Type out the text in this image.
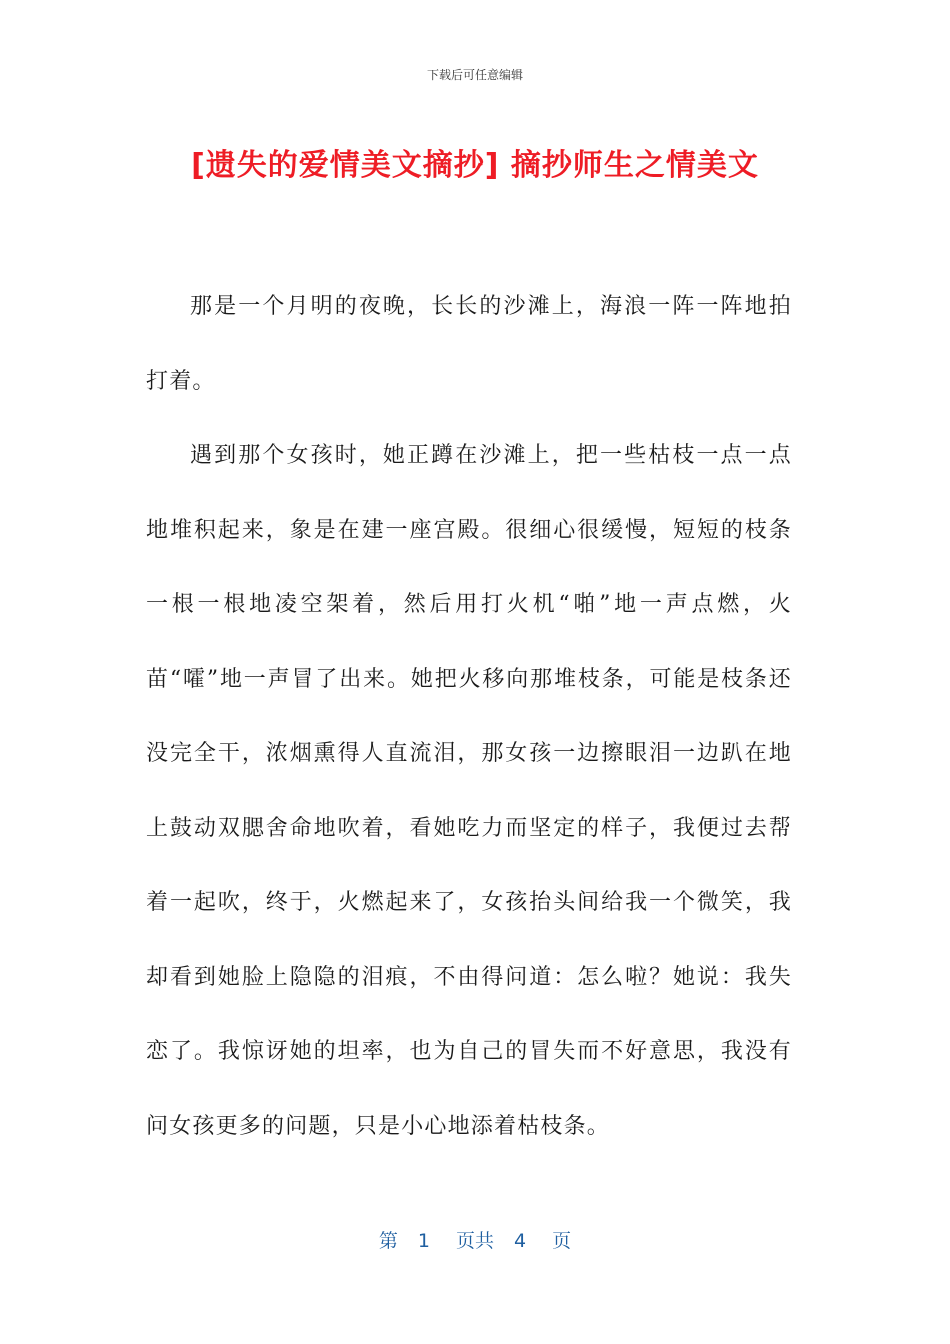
下载后可任意编辑
[遗失的爱情美文摘抄] 摘抄师生之情美文

那是一个月明的夜晚，长长的沙滩上，海浪一阵一阵地拍打着。

遇到那个女孩时，她正蹲在沙滩上，把一些枯枝一点一点地堆积起来，象是在建一座宫殿。很细心很缓慢，短短的枝条一根一根地凌空架着，然后用打火机“啪”地一声点燃，火苗“嚯”地一声冒了出来。她把火移向那堆枝条，可能是枝条还没完全干，浓烟熏得人直流泪，那女孩一边擦眼泪一边趴在地上鼓动双腮舍命地吹着，看她吃力而坚定的样子，我便过去帮着一起吹，终于，火燃起来了，女孩抬头间给我一个微笑，我却看到她脸上隐隐的泪痕，不由得问道：怎么啦？她说：我失恋了。我惊讶她的坦率，也为自己的冒失而不好意思，我没有问女孩更多的问题，只是小心地添着枯枝条。

第 1 页共 4 页
